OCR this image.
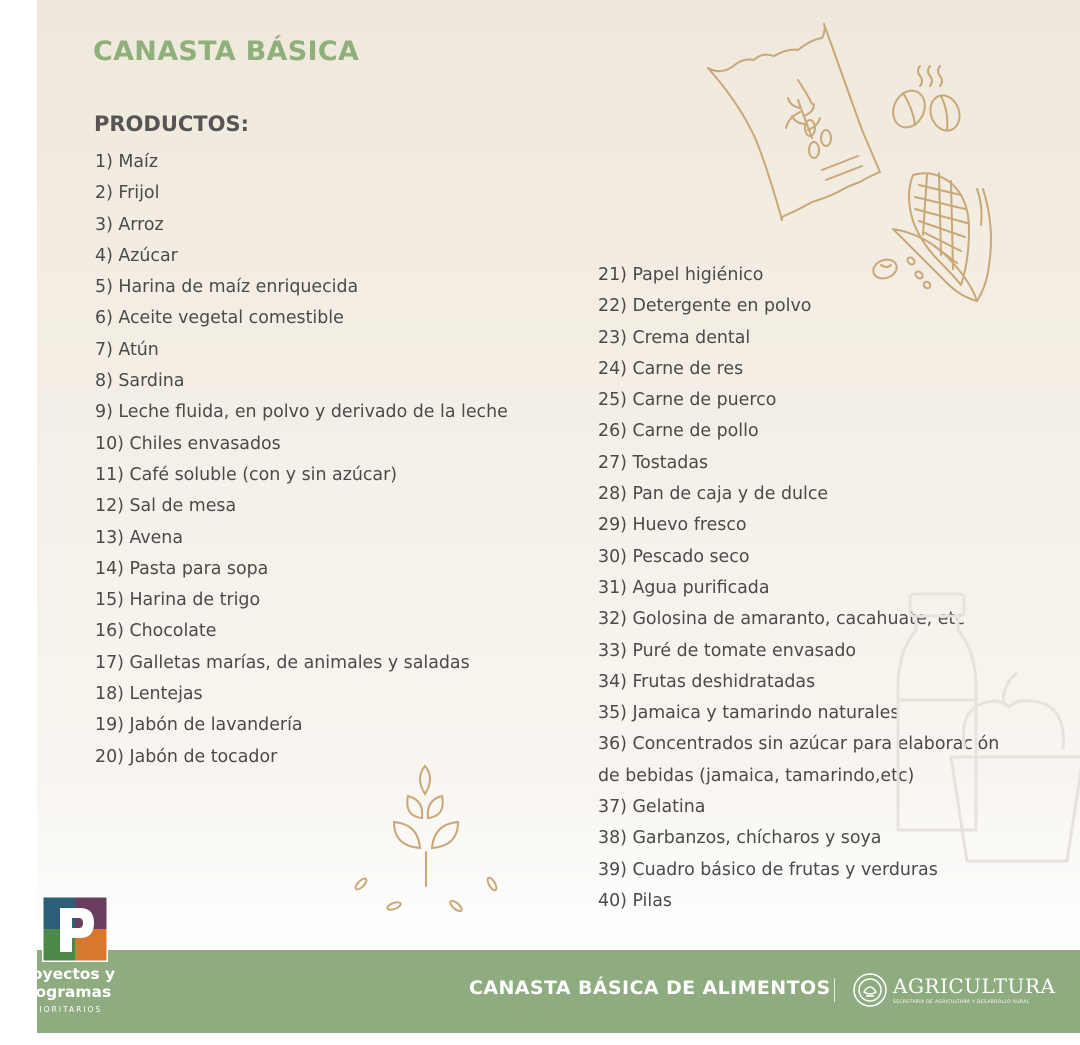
CANASTA BÁSICA
PRODUCTOS:
1) Maíz
2) Frijol
3) Arroz
4) Azúcar
5) Harina de maíz enriquecida
6) Aceite vegetal comestible
7) Atún
8) Sardina
9) Leche fluida, en polvo y derivado de la leche
10) Chiles envasados
11) Café soluble (con y sin azúcar)
12) Sal de mesa
13) Avena
14) Pasta para sopa
15) Harina de trigo
16) Chocolate
17) Galletas marías, de animales y saladas
18) Lentejas
19) Jabón de lavandería
20) Jabón de tocador
21) Papel higiénico
22) Detergente en polvo
23) Crema dental
24) Carne de res
25) Carne de puerco
26) Carne de pollo
27) Tostadas
28) Pan de caja y de dulce
29) Huevo fresco
30) Pescado seco
31) Agua purificada
32) Golosina de amaranto, cacahuate, etc
33) Puré de tomate envasado
34) Frutas deshidratadas
35) Jamaica y tamarindo naturales
36) Concentrados sin azúcar para elaboración
de bebidas (jamaica, tamarindo,etc)
37) Gelatina
38) Garbanzos, chícharos y soya
39) Cuadro básico de frutas y verduras
40) Pilas
CANASTA BÁSICA DE ALIMENTOS	AGRICULTURA
SECRETARÍA DE AGRICULTURA Y DESARROLLO RURAL
Proyectos y
programas
PRIORITARIOS
